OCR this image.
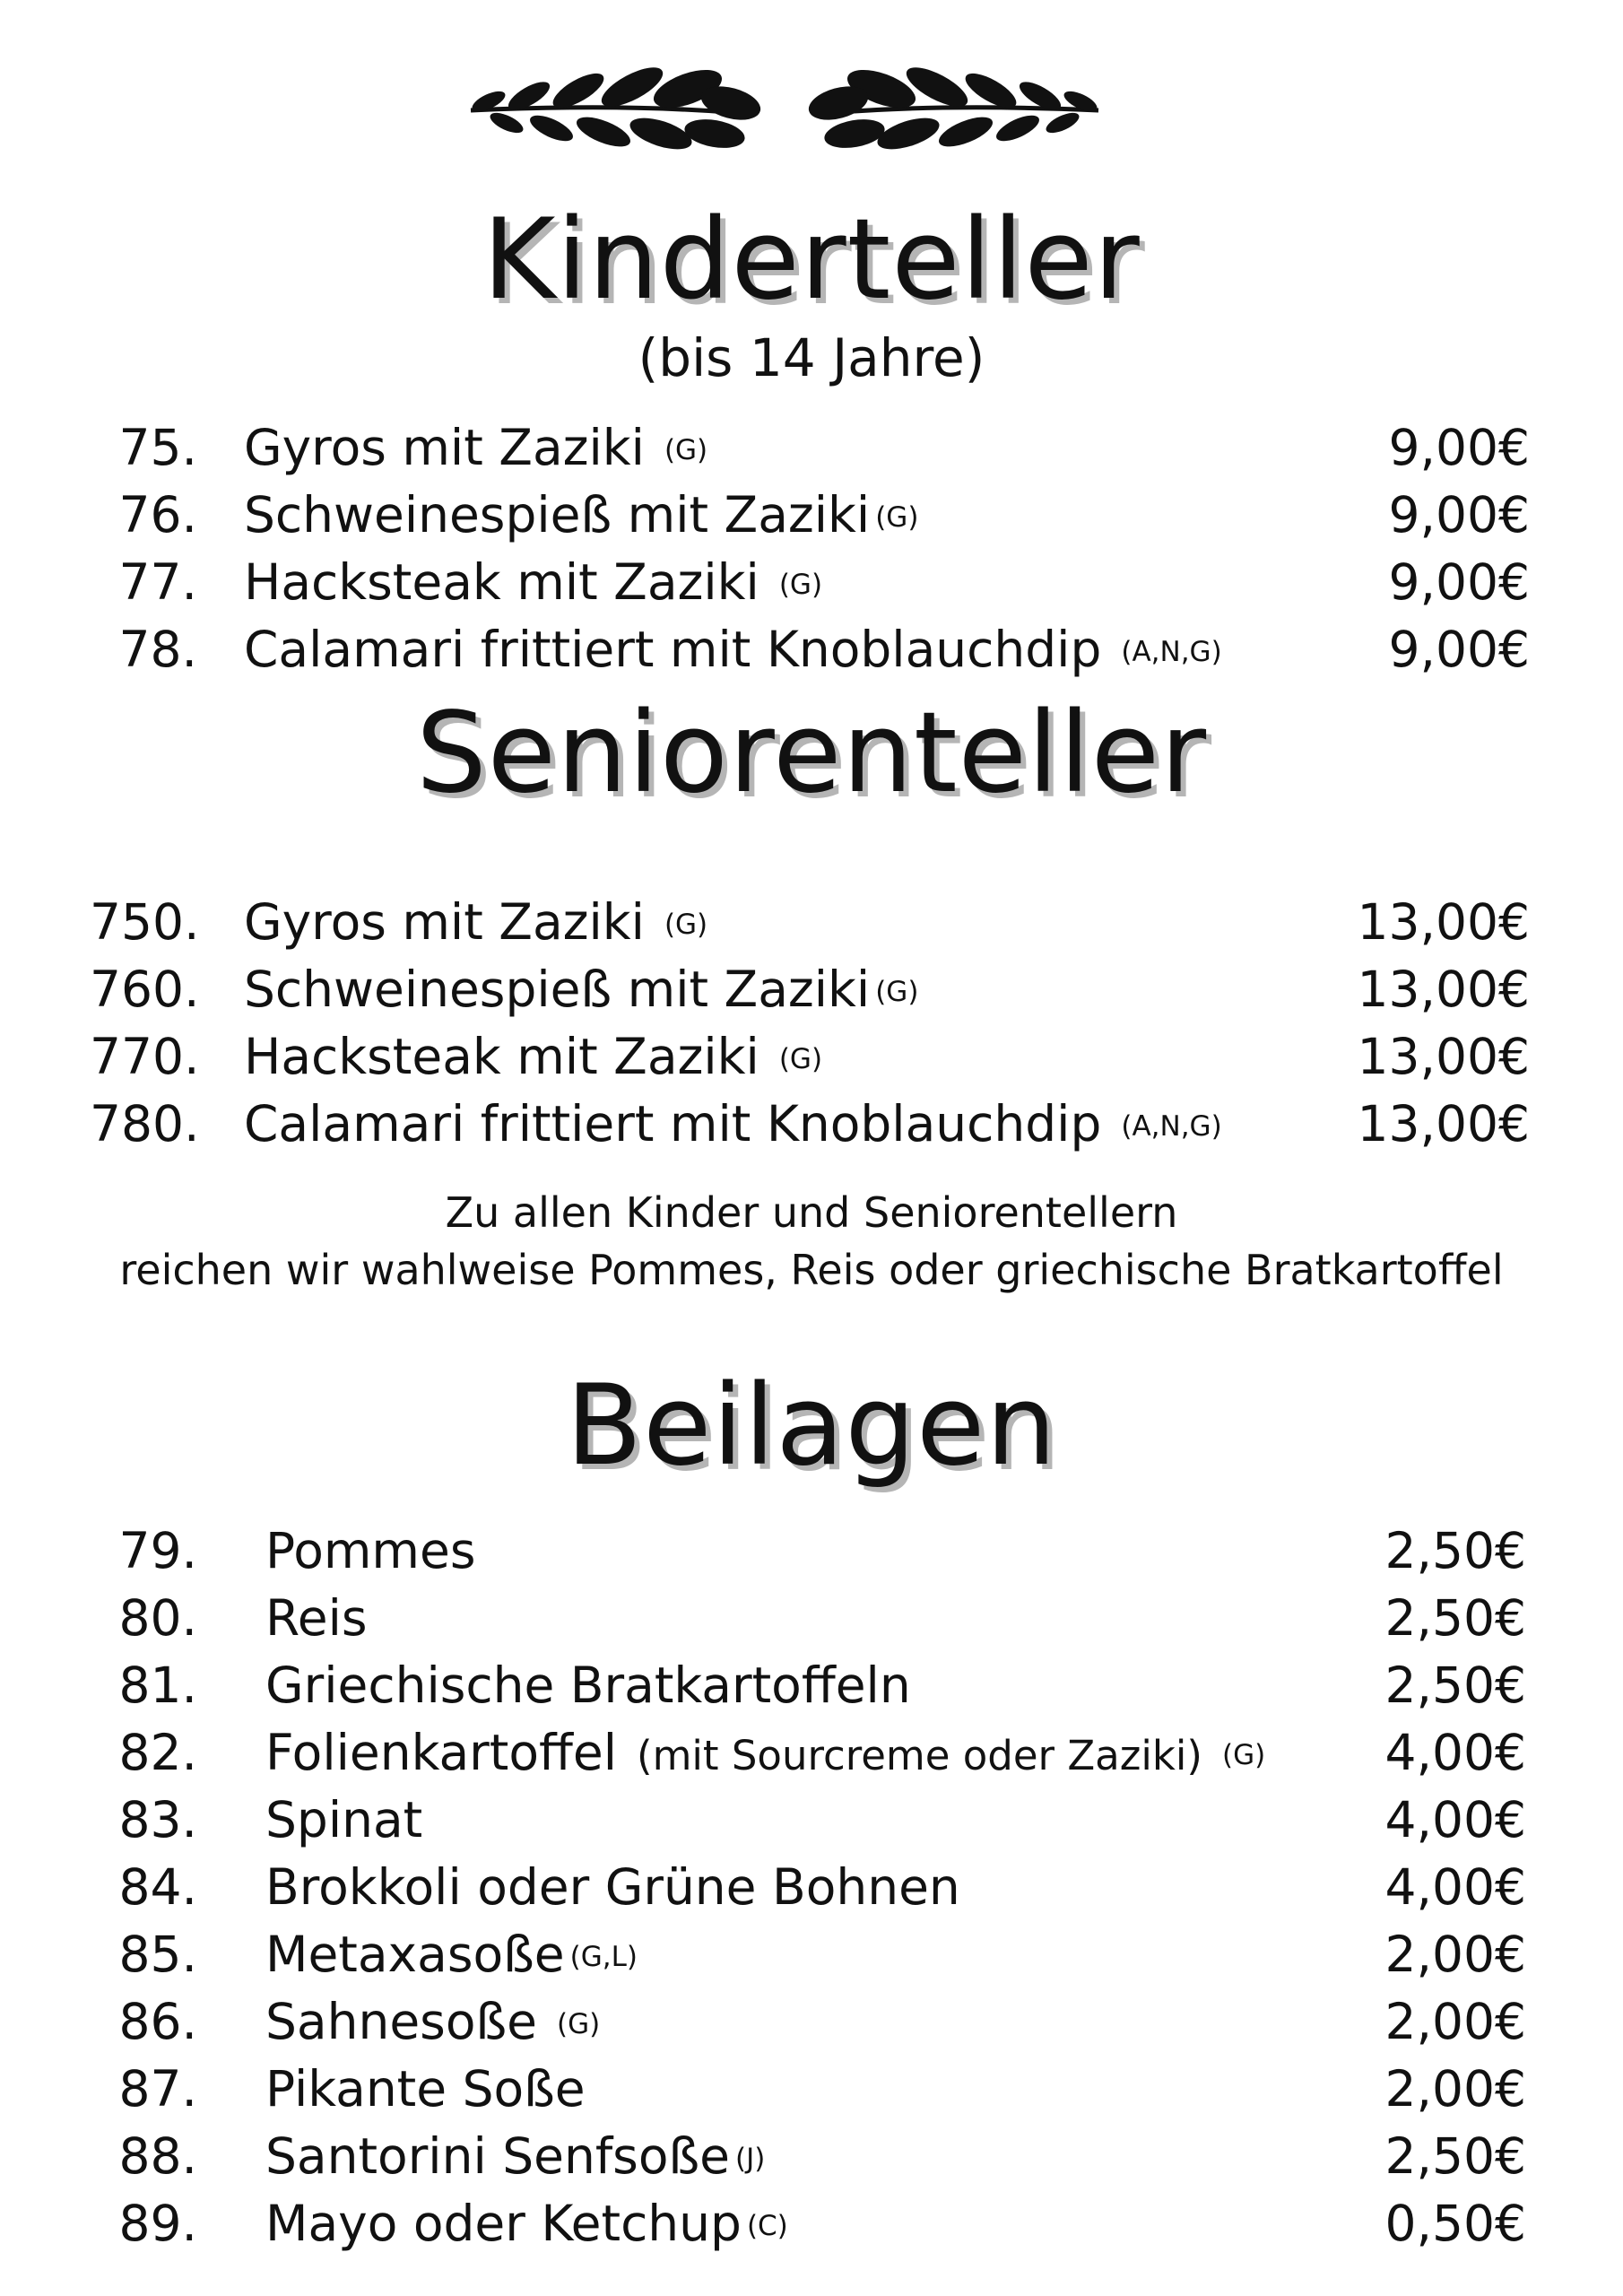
Kinderteller
(bis 14 Jahre)
75. Gyros mit Zaziki (G)	9,00€
76. Schweinespieß mit Zaziki (G)	9,00€
77. Hacksteak mit Zaziki (G)	9,00€
78. Calamari frittiert mit Knoblauchdip (A,N,G)	9,00€
Seniorenteller
750. Gyros mit Zaziki (G)	13,00€
760. Schweinespieß mit Zaziki (G)	13,00€
770. Hacksteak mit Zaziki (G)	13,00€
780. Calamari frittiert mit Knoblauchdip (A,N,G)	13,00€
Zu allen Kinder und Seniorentellern
reichen wir wahlweise Pommes, Reis oder griechische Bratkartoffel
Beilagen
79. Pommes	2,50€
80. Reis	2,50€
81. Griechische Bratkartoffeln	2,50€
82. Folienkartoffel (mit Sourcreme oder Zaziki) (G) 4,00€
83. Spinat	4,00€
84. Brokkoli oder Grüne Bohnen	4,00€
85. Metaxasoße (G,L)	2,00€
86. Sahnesoße (G)	2,00€
87. Pikante Soße	2,00€
88. Santorini Senfsoße (J)	2,50€
89. Mayo oder Ketchup (C)	0,50€
